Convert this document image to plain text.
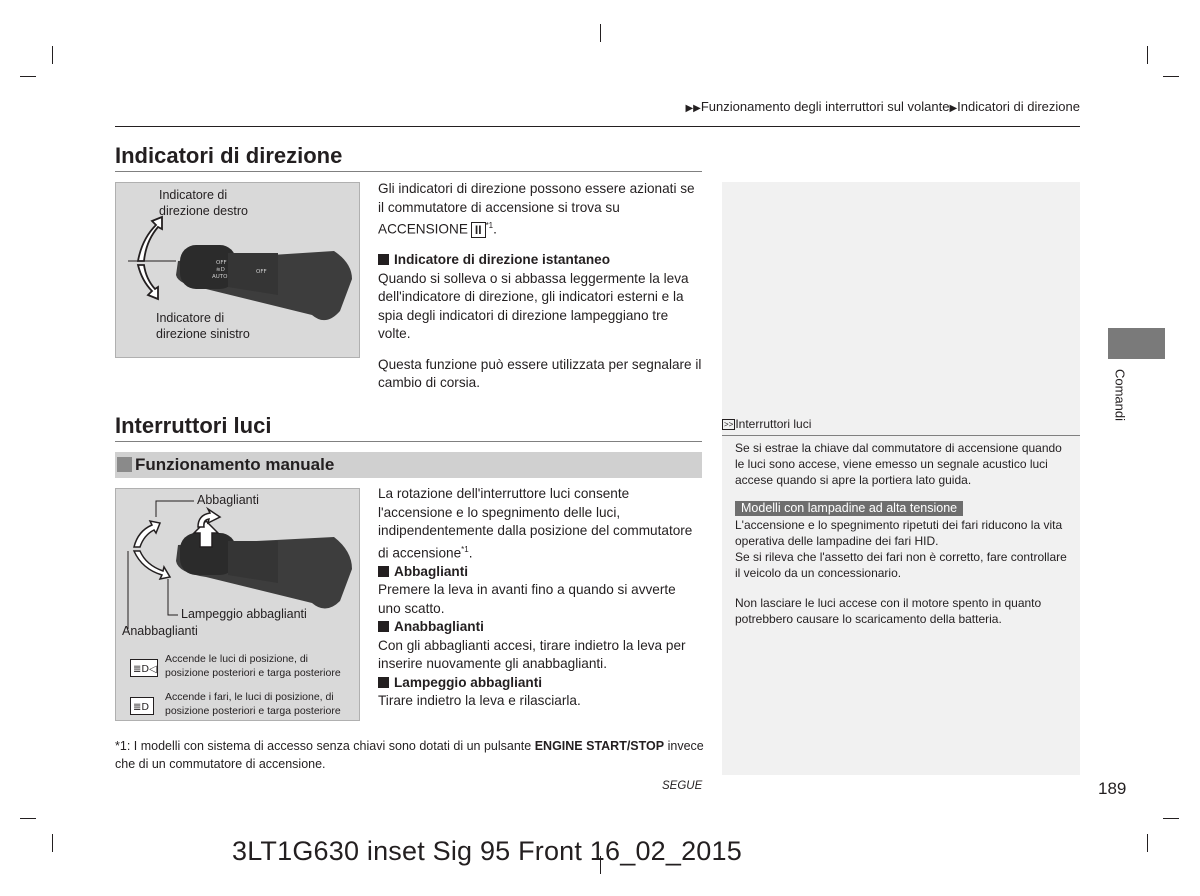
▶▶Funzionamento degli interruttori sul volante▶Indicatori di direzione
Indicatori di direzione
OFF
≋D
AUTO
OFF
Indicatore di
direzione destro
Indicatore di
direzione sinistro

Gli indicatori di direzione possono essere azionati se il commutatore di accensione si trova su ACCENSIONE II $^{*1}$.

Indicatore di direzione istantaneo

Quando si solleva o si abbassa leggermente la leva dell'indicatore di direzione, gli indicatori esterni e la spia degli indicatori di direzione lampeggiano tre volte.

Questa funzione può essere utilizzata per segnalare il cambio di corsia.

Interruttori luci
Funzionamento manuale
Abbaglianti
Lampeggio abbaglianti
Anabbaglianti
≣D◁
Accende le luci di posizione, di
posizione posteriori e targa posteriore
≣D
Accende i fari, le luci di posizione, di
posizione posteriori e targa posteriore

La rotazione dell'interruttore luci consente l'accensione e lo spegnimento delle luci, indipendentemente dalla posizione del commutatore di accensione$^{*1}$.

Abbaglianti

Premere la leva in avanti fino a quando si avverte uno scatto.

Anabbaglianti

Con gli abbaglianti accesi, tirare indietro la leva per inserire nuovamente gli anabbaglianti.

Lampeggio abbaglianti

Tirare indietro la leva e rilasciarla.

>> Interruttori luci
Se si estrae la chiave dal commutatore di accensione quando le luci sono accese, viene emesso un segnale acustico luci accese quando si apre la portiera lato guida.
Modelli con lampadine ad alta tensione
L'accensione e lo spegnimento ripetuti dei fari riducono la vita operativa delle lampadine dei fari HID.
Se si rileva che l'assetto dei fari non è corretto, fare controllare il veicolo da un concessionario.
Non lasciare le luci accese con il motore spento in quanto potrebbero causare lo scaricamento della batteria.
Comandi
*1: I modelli con sistema di accesso senza chiavi sono dotati di un pulsante ENGINE START/STOP invece che di un commutatore di accensione.
SEGUE	189
3LT1G630 inset Sig 95 Front 16_02_2015
